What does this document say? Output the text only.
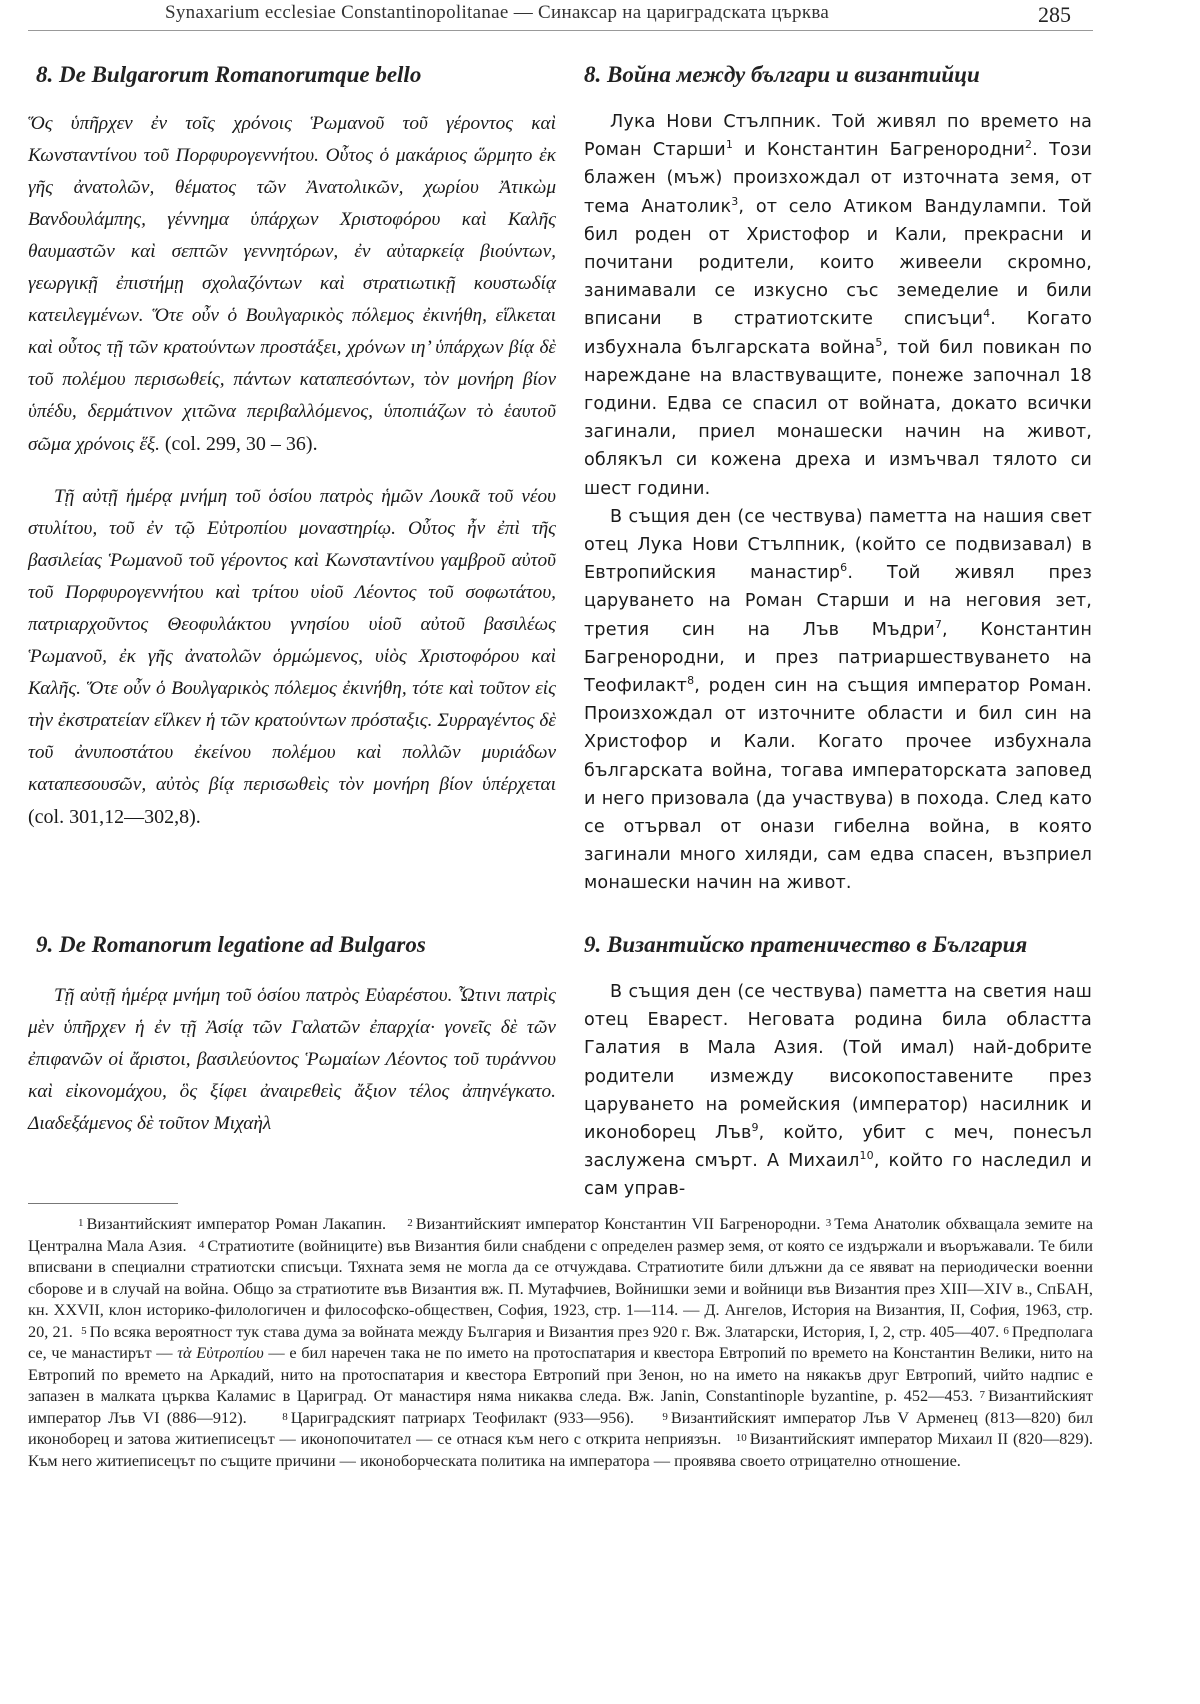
Synaxarium ecclesiae Constantinopolitanae — Синаксар на цариградската църква	285
8. De Bulgarorum Romanorumque bello	8. Война между българи и византийци

Ὅς ὑπῆρχεν ἐν τοῖς χρόνοις Ῥωμανοῦ τοῦ γέροντος καὶ Κωνσταντίνου τοῦ Πορφυρογεννήτου. Οὗτος ὁ μακάριος ὥρμητο ἐκ γῆς ἀνατολῶν, θέματος τῶν Ἀνατολικῶν, χωρίου Ἀτικὼμ Βανδουλάμπης, γέννημα ὑπάρχων Χριστοφόρου καὶ Καλῆς θαυμαστῶν καὶ σεπτῶν γεννητόρων, ἐν αὐταρκείᾳ βιούντων, γεωργικῇ ἐπιστήμῃ σχολαζόντων καὶ στρατιωτικῇ κουστωδίᾳ κατειλεγμένων. Ὅτε οὖν ὁ Βουλγαρικὸς πόλεμος ἐκινήθη, εἵλκεται καὶ οὗτος τῇ τῶν κρατούντων προστάξει, χρόνων ιη’ ὑπάρχων βίᾳ δὲ τοῦ πολέμου περισωθείς, πάντων καταπεσόντων, τὸν μονήρη βίον ὑπέδυ, δερμάτινον χιτῶνα περιβαλλόμενος, ὑποπιάζων τὸ ἑαυτοῦ σῶμα χρόνοις ἕξ. (col. 299, 30 – 36).

Τῇ αὐτῇ ἡμέρᾳ μνήμη τοῦ ὁσίου πατρὸς ἡμῶν Λουκᾶ τοῦ νέου στυλίτου, τοῦ ἐν τῷ Εὐτροπίου μοναστηρίῳ. Οὗτος ἦν ἐπὶ τῆς βασιλείας Ῥωμανοῦ τοῦ γέροντος καὶ Κωνσταντίνου γαμβροῦ αὐτοῦ τοῦ Πορφυρογεννήτου καὶ τρίτου υἱοῦ Λέοντος τοῦ σοφωτάτου, πατριαρχοῦντος Θεοφυλάκτου γνησίου υἱοῦ αὐτοῦ βασιλέως Ῥωμανοῦ, ἐκ γῆς ἀνατολῶν ὁρμώμενος, υἱὸς Χριστοφόρου καὶ Καλῆς. Ὅτε οὖν ὁ Βουλγαρικὸς πόλεμος ἐκινήθη, τότε καὶ τοῦτον εἰς τὴν ἐκστρατείαν εἵλκεν ἡ τῶν κρατούντων πρόσταξις. Συρραγέντος δὲ τοῦ ἀνυποστάτου ἐκείνου πολέμου καὶ πολλῶν μυριάδων καταπεσουσῶν, αὐτὸς βίᾳ περισωθεὶς τὸν μονήρη βίον ὑπέρχεται (col. 301,12—302,8).

Лука Нови Стълпник. Той живял по времето на Роман Старши$^1$ и Константин Багренородни$^2$. Този блажен (мъж) произхождал от източната земя, от тема Анатолик$^3$, от село Атиком Вандулампи. Той бил роден от Христофор и Кали, прекрасни и почитани родители, които живеели скромно, занимавали се изкусно със земеделие и били вписани в стратиотските списъци$^4$. Когато избухнала българската война$^5$, той бил повикан по нареждане на властвуващите, понеже започнал 18 години. Едва се спасил от войната, докато всички загинали, приел монашески начин на живот, облякъл си кожена дреха и измъчвал тялото си шест години.

В същия ден (се чествува) паметта на нашия свет отец Лука Нови Стълпник, (който се подвизавал) в Евтропийския манастир$^6$. Той живял през царуването на Роман Старши и на неговия зет, третия син на Лъв Мъдри$^7$, Константин Багренородни, и през патриаршествуването на Теофилакт$^8$, роден син на същия император Роман. Произхождал от източните области и бил син на Христофор и Кали. Когато прочее избухнала българската война, тогава императорската заповед и него призовала (да участвува) в похода. След като се отървал от онази гибелна война, в която загинали много хиляди, сам едва спасен, възприел монашески начин на живот.

9. De Romanorum legatione ad Bulgaros	9. Византийско пратеничество в България

Τῇ αὐτῇ ἡμέρᾳ μνήμη τοῦ ὁσίου πατρὸς Εὐαρέστου. Ὧτινι πατρὶς μὲν ὑπῆρχεν ἡ ἐν τῇ Ἀσίᾳ τῶν Γαλατῶν ἐπαρχία· γονεῖς δὲ τῶν ἐπιφανῶν οἱ ἄριστοι, βασιλεύοντος Ῥωμαίων Λέοντος τοῦ τυράννου καὶ εἰκονομάχου, ὃς ξίφει ἀναιρεθεὶς ἄξιον τέλος ἀπηνέγκατο. Διαδεξάμενος δὲ τοῦτον Μιχαὴλ

В същия ден (се чествува) паметта на светия наш отец Еварест. Неговата родина била областта Галатия в Мала Азия. (Той имал) най-добрите родители измежду високопоставените през царуването на ромейския (император) насилник и иконоборец Лъв$^9$, който, убит с меч, понесъл заслужена смърт. А Михаил$^{10}$, който го наследил и сам управ-

$^1$ Византийският император Роман Лакапин. $^2$ Византийският император Константин VII Багренородни. $^3$ Тема Анатолик обхващала земите на Централна Мала Азия. $^4$ Стратиотите (войниците) във Византия били снабдени с определен размер земя, от която се издържали и въоръжавали. Те били вписвани в специални стратиотски списъци. Тяхната земя не могла да се отчуждава. Стратиотите били длъжни да се явяват на периодически военни сборове и в случай на война. Общо за стратиотите във Византия вж. П. Мутафчиев, Войнишки земи и войници във Византия през XIII—XIV в., СпБАН, кн. XXVII, клон историко-филологичен и философско-обществен, София, 1923, стр. 1—114. — Д. Ангелов, История на Византия, II, София, 1963, стр. 20, 21. $^5$ По всяка вероятност тук става дума за войната между България и Византия през 920 г. Вж. Златарски, История, I, 2, стр. 405—407. $^6$ Предполага се, че манастирът — τὰ Εὐτροπίου — е бил наречен така не по името на протоспатария и квестора Евтропий по времето на Константин Велики, нито на Евтропий по времето на Аркадий, нито на протоспатария и квестора Евтропий при Зенон, но на името на някакъв друг Евтропий, чийто надпис е запазен в малката църква Каламис в Цариград. От манастиря няма никаква следа. Вж. Janin, Constantinople byzantine, p. 452—453. $^7$ Византийският император Лъв VI (886—912).	$^8$ Цариградският патриарх Теофилакт (933—956).	$^9$ Византийският император Лъв V Арменец (813—820) бил иконоборец и затова житиеписецът — иконопочитател — се отнася към него с открита неприязън. $^{10}$ Византийският император Михаил II (820—829). Към него житиеписецът по същите причини — иконоборческата политика на императора — проявява своето отрицателно отношение.
